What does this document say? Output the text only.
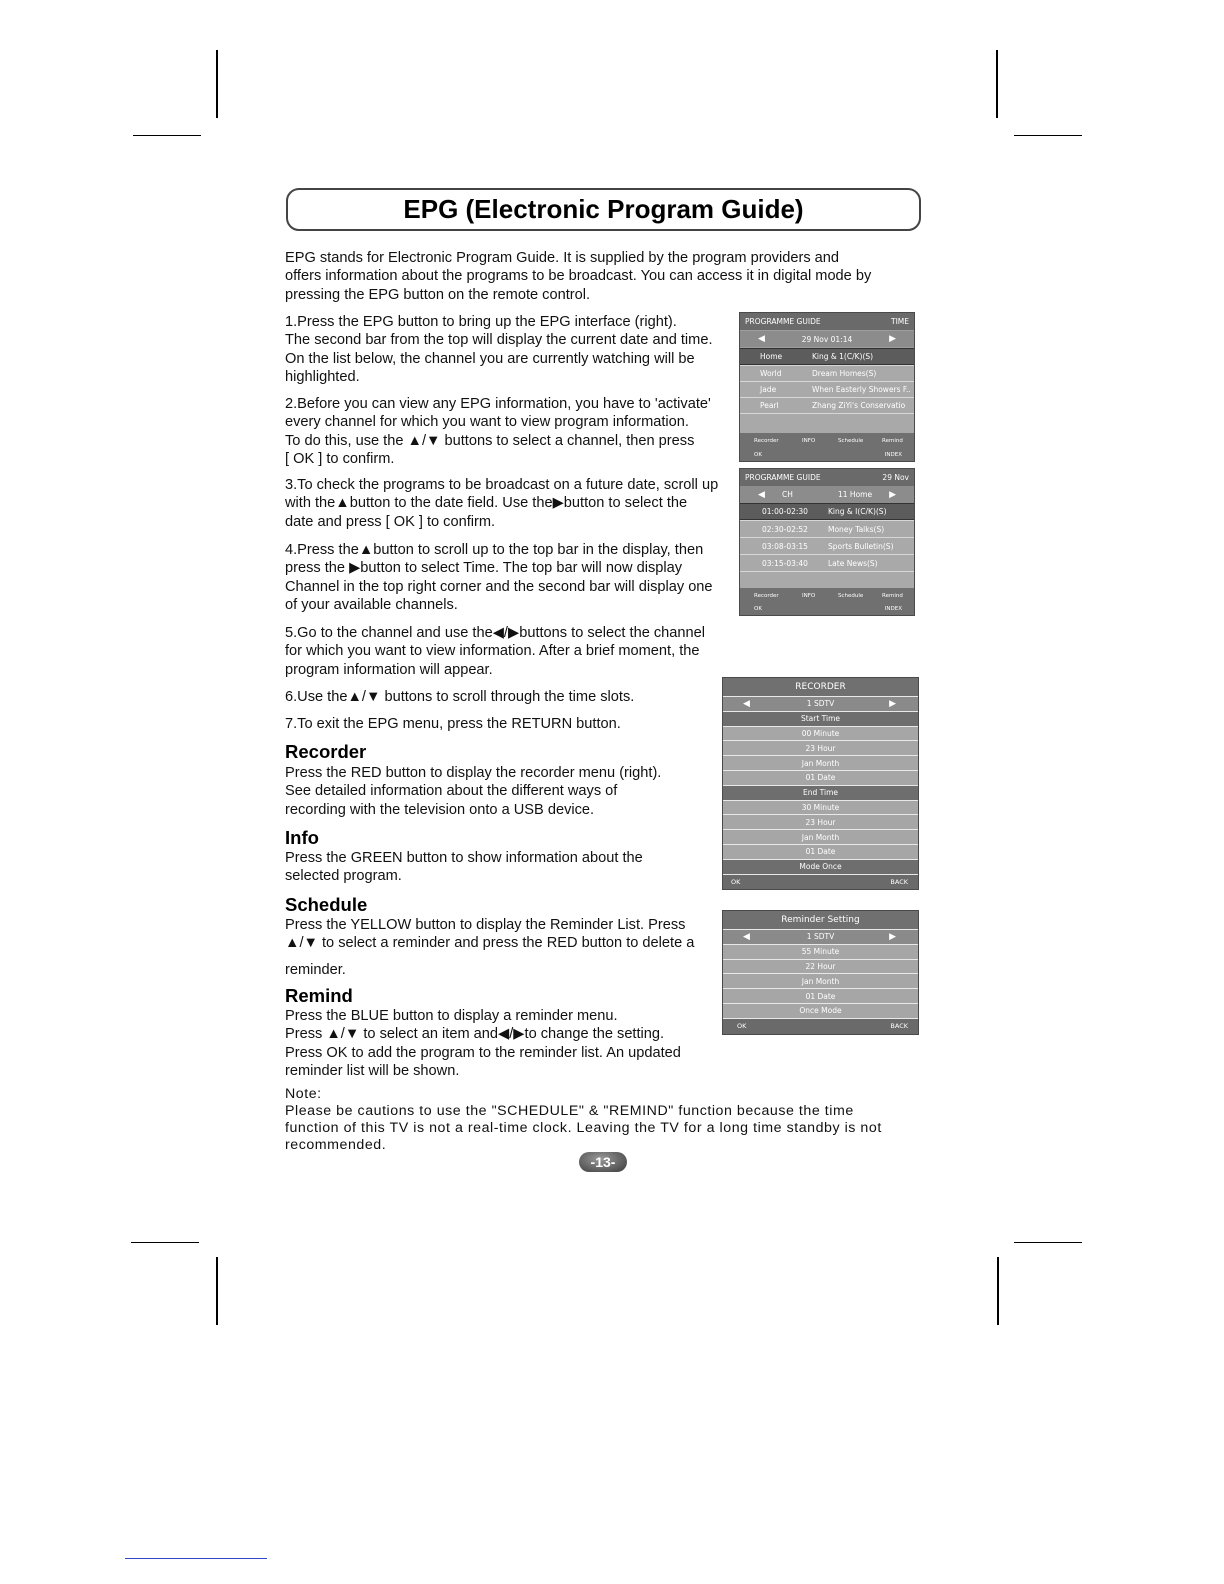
EPG (Electronic Program Guide)

EPG stands for Electronic Program Guide. It is supplied by the program providers and

offers information about the programs to be broadcast. You can access it in digital mode by

pressing the EPG button on the remote control.

1.Press the EPG button to bring up the EPG interface (right).

The second bar from the top will display the current date and time.

On the list below, the channel you are currently watching will be

highlighted.

2.Before you can view any EPG information, you have to 'activate'

every channel for which you want to view program information.

To do this, use the ▲/▼ buttons to select a channel, then press

[ OK ] to confirm.

3.To check the programs to be broadcast on a future date, scroll up

with the▲button to the date field. Use the▶button to select the

date and press [ OK ] to confirm.

4.Press the▲button to scroll up to the top bar in the display, then

press the ▶button to select Time. The top bar will now display

Channel in the top right corner and the second bar will display one

of your available channels.

5.Go to the channel and use the◀/▶buttons to select the channel

for which you want to view information. After a brief moment, the

program information will appear.

6.Use the▲/▼ buttons to scroll through the time slots.

7.To exit the EPG menu, press the RETURN button.

Recorder

Press the RED button to display the recorder menu (right).

See detailed information about the different ways of

recording with the television onto a USB device.

Info

Press the GREEN button to show information about the

selected program.

Schedule

Press the YELLOW button to display the Reminder List. Press

▲/▼ to select a reminder and press the RED button to delete a

reminder.

Remind

Press the BLUE button to display a reminder menu.

Press ▲/▼ to select an item and◀/▶to change the setting.

Press OK to add the program to the reminder list. An updated

reminder list will be shown.

Note:

Please be cautions to use the "SCHEDULE" & "REMIND" function because the time

function of this TV is not a real-time clock. Leaving the TV for a long time standby is not

recommended.

-13-
PROGRAMME GUIDE	TIME
◀	29 Nov 01:14	▶
Home	King & 1(C/K)(S)
World	Dream Homes(S)
Jade	When Easterly Showers F..
Pearl	Zhang ZiYi's Conservatio
Recorder	INFO	Schedule	Remind
OK	INDEX
PROGRAMME GUIDE	29 Nov
◀ CH	11 Home ▶
01:00-02:30	King & I(C/K)(S)
02:30-02:52	Money Talks(S)
03:08-03:15	Sports Bulletin(S)
03:15-03:40	Late News(S)
Recorder	INFO	Schedule	Remind
OK	INDEX
RECORDER
◀	1 SDTV	▶
Start Time
00 Minute
23 Hour
Jan Month
01 Date
End Time
30 Minute
23 Hour
Jan Month
01 Date
Mode Once
OK	BACK
Reminder Setting
◀	1 SDTV	▶
55 Minute
22 Hour
Jan Month
01 Date
Once Mode
OK	BACK
